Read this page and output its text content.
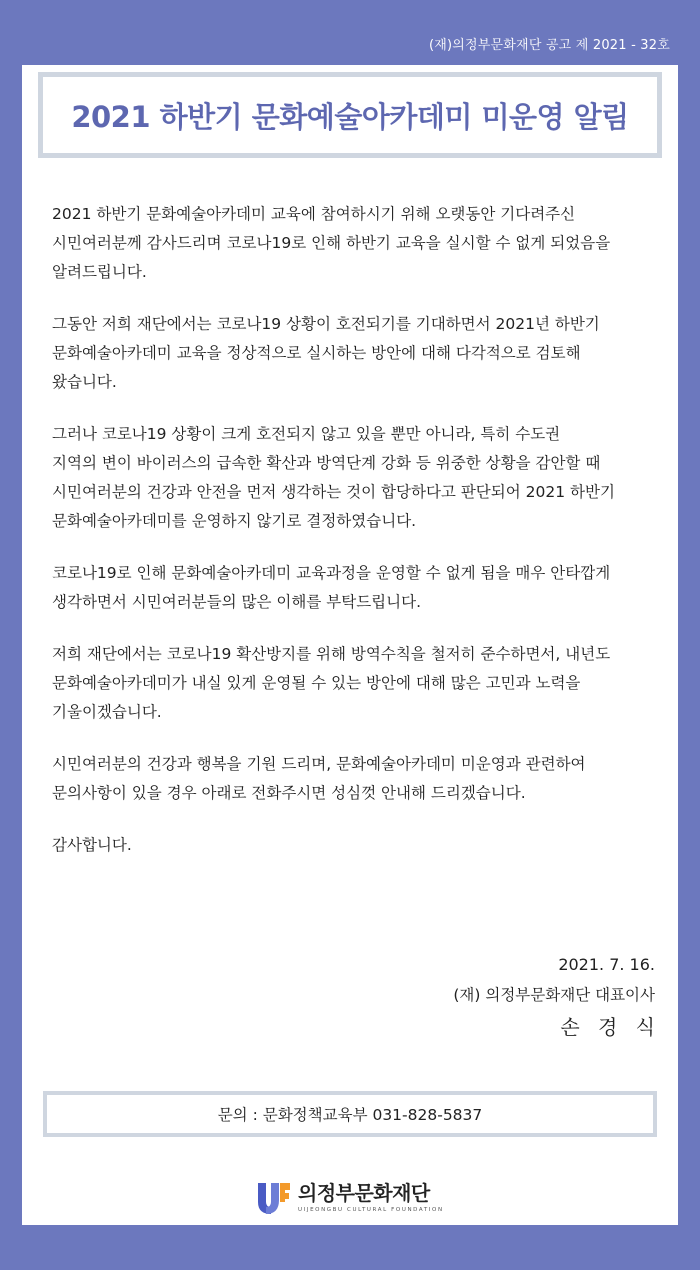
(재)의정부문화재단 공고 제 2021 - 32호
2021 하반기 문화예술아카데미 미운영 알림

2021 하반기 문화예술아카데미 교육에 참여하시기 위해 오랫동안 기다려주신
시민여러분께 감사드리며 코로나19로 인해 하반기 교육을 실시할 수 없게 되었음을
알려드립니다.

그동안 저희 재단에서는 코로나19 상황이 호전되기를 기대하면서 2021년 하반기
문화예술아카데미 교육을 정상적으로 실시하는 방안에 대해 다각적으로 검토해
왔습니다.

그러나 코로나19 상황이 크게 호전되지 않고 있을 뿐만 아니라, 특히 수도권
지역의 변이 바이러스의 급속한 확산과 방역단계 강화 등 위중한 상황을 감안할 때
시민여러분의 건강과 안전을 먼저 생각하는 것이 합당하다고 판단되어 2021 하반기
문화예술아카데미를 운영하지 않기로 결정하였습니다.

코로나19로 인해 문화예술아카데미 교육과정을 운영할 수 없게 됨을 매우 안타깝게
생각하면서 시민여러분들의 많은 이해를 부탁드립니다.

저희 재단에서는 코로나19 확산방지를 위해 방역수칙을 철저히 준수하면서, 내년도
문화예술아카데미가 내실 있게 운영될 수 있는 방안에 대해 많은 고민과 노력을
기울이겠습니다.

시민여러분의 건강과 행복을 기원 드리며, 문화예술아카데미 미운영과 관련하여
문의사항이 있을 경우 아래로 전화주시면 성심껏 안내해 드리겠습니다.

감사합니다.

2021. 7. 16.
(재) 의정부문화재단 대표이사
손 경 식
문의 : 문화정책교육부 031-828-5837
의정부문화재단
UIJEONGBU CULTURAL FOUNDATION
